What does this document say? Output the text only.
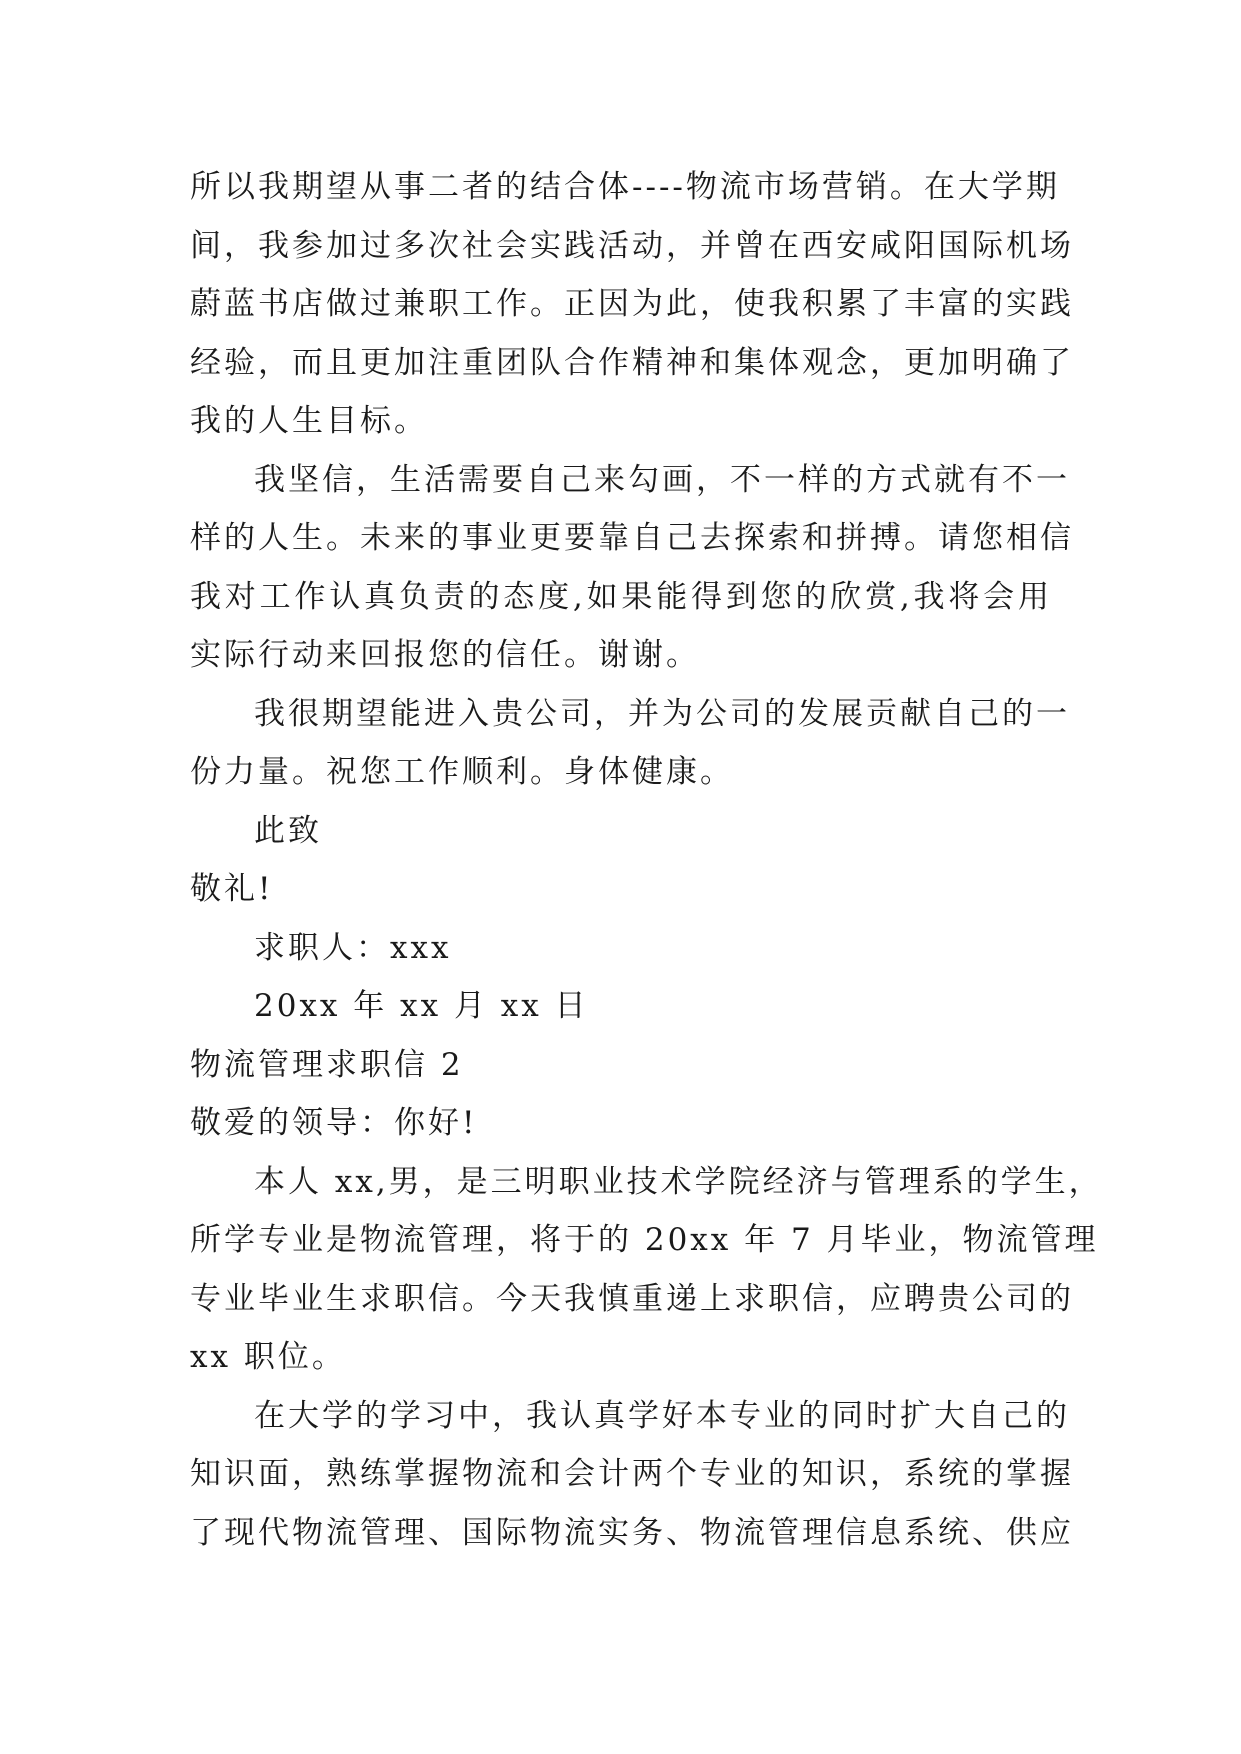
所以我期望从事二者的结合体----物流市场营销。在大学期
间，我参加过多次社会实践活动，并曾在西安咸阳国际机场
蔚蓝书店做过兼职工作。正因为此，使我积累了丰富的实践
经验，而且更加注重团队合作精神和集体观念，更加明确了
我的人生目标。
我坚信，生活需要自己来勾画，不一样的方式就有不一
样的人生。未来的事业更要靠自己去探索和拼搏。请您相信
我对工作认真负责的态度,如果能得到您的欣赏,我将会用
实际行动来回报您的信任。谢谢。
我很期望能进入贵公司，并为公司的发展贡献自己的一
份力量。祝您工作顺利。身体健康。
此致
敬礼!
求职人：xxx
20xx 年 xx 月 xx 日
物流管理求职信 2
敬爱的领导：你好!
本人 xx,男，是三明职业技术学院经济与管理系的学生，
所学专业是物流管理，将于的 20xx 年 7 月毕业，物流管理
专业毕业生求职信。今天我慎重递上求职信，应聘贵公司的
xx 职位。
在大学的学习中，我认真学好本专业的同时扩大自己的
知识面，熟练掌握物流和会计两个专业的知识，系统的掌握
了现代物流管理、国际物流实务、物流管理信息系统、供应
